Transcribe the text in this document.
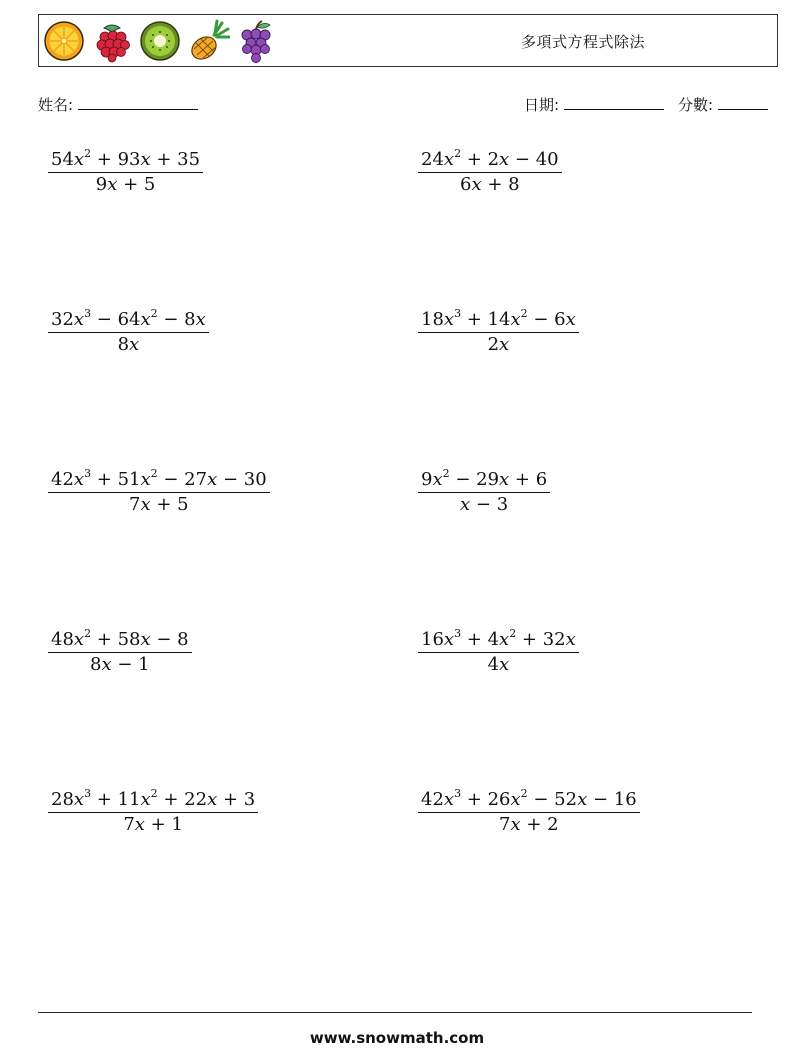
多項式方程式除法
姓名:	日期:	分數:
$\frac{54x^2 + 93x + 35}{9x + 5}$	$\frac{24x^2 + 2x - 40}{6x + 8}$
$\frac{32x^3 - 64x^2 - 8x}{8x}$	$\frac{18x^3 + 14x^2 - 6x}{2x}$
$\frac{42x^3 + 51x^2 - 27x - 30}{7x + 5}$	$\frac{9x^2 - 29x + 6}{x - 3}$
$\frac{48x^2 + 58x - 8}{8x - 1}$	$\frac{16x^3 + 4x^2 + 32x}{4x}$
$\frac{28x^3 + 11x^2 + 22x + 3}{7x + 1}$	$\frac{42x^3 + 26x^2 - 52x - 16}{7x + 2}$
www.snowmath.com
